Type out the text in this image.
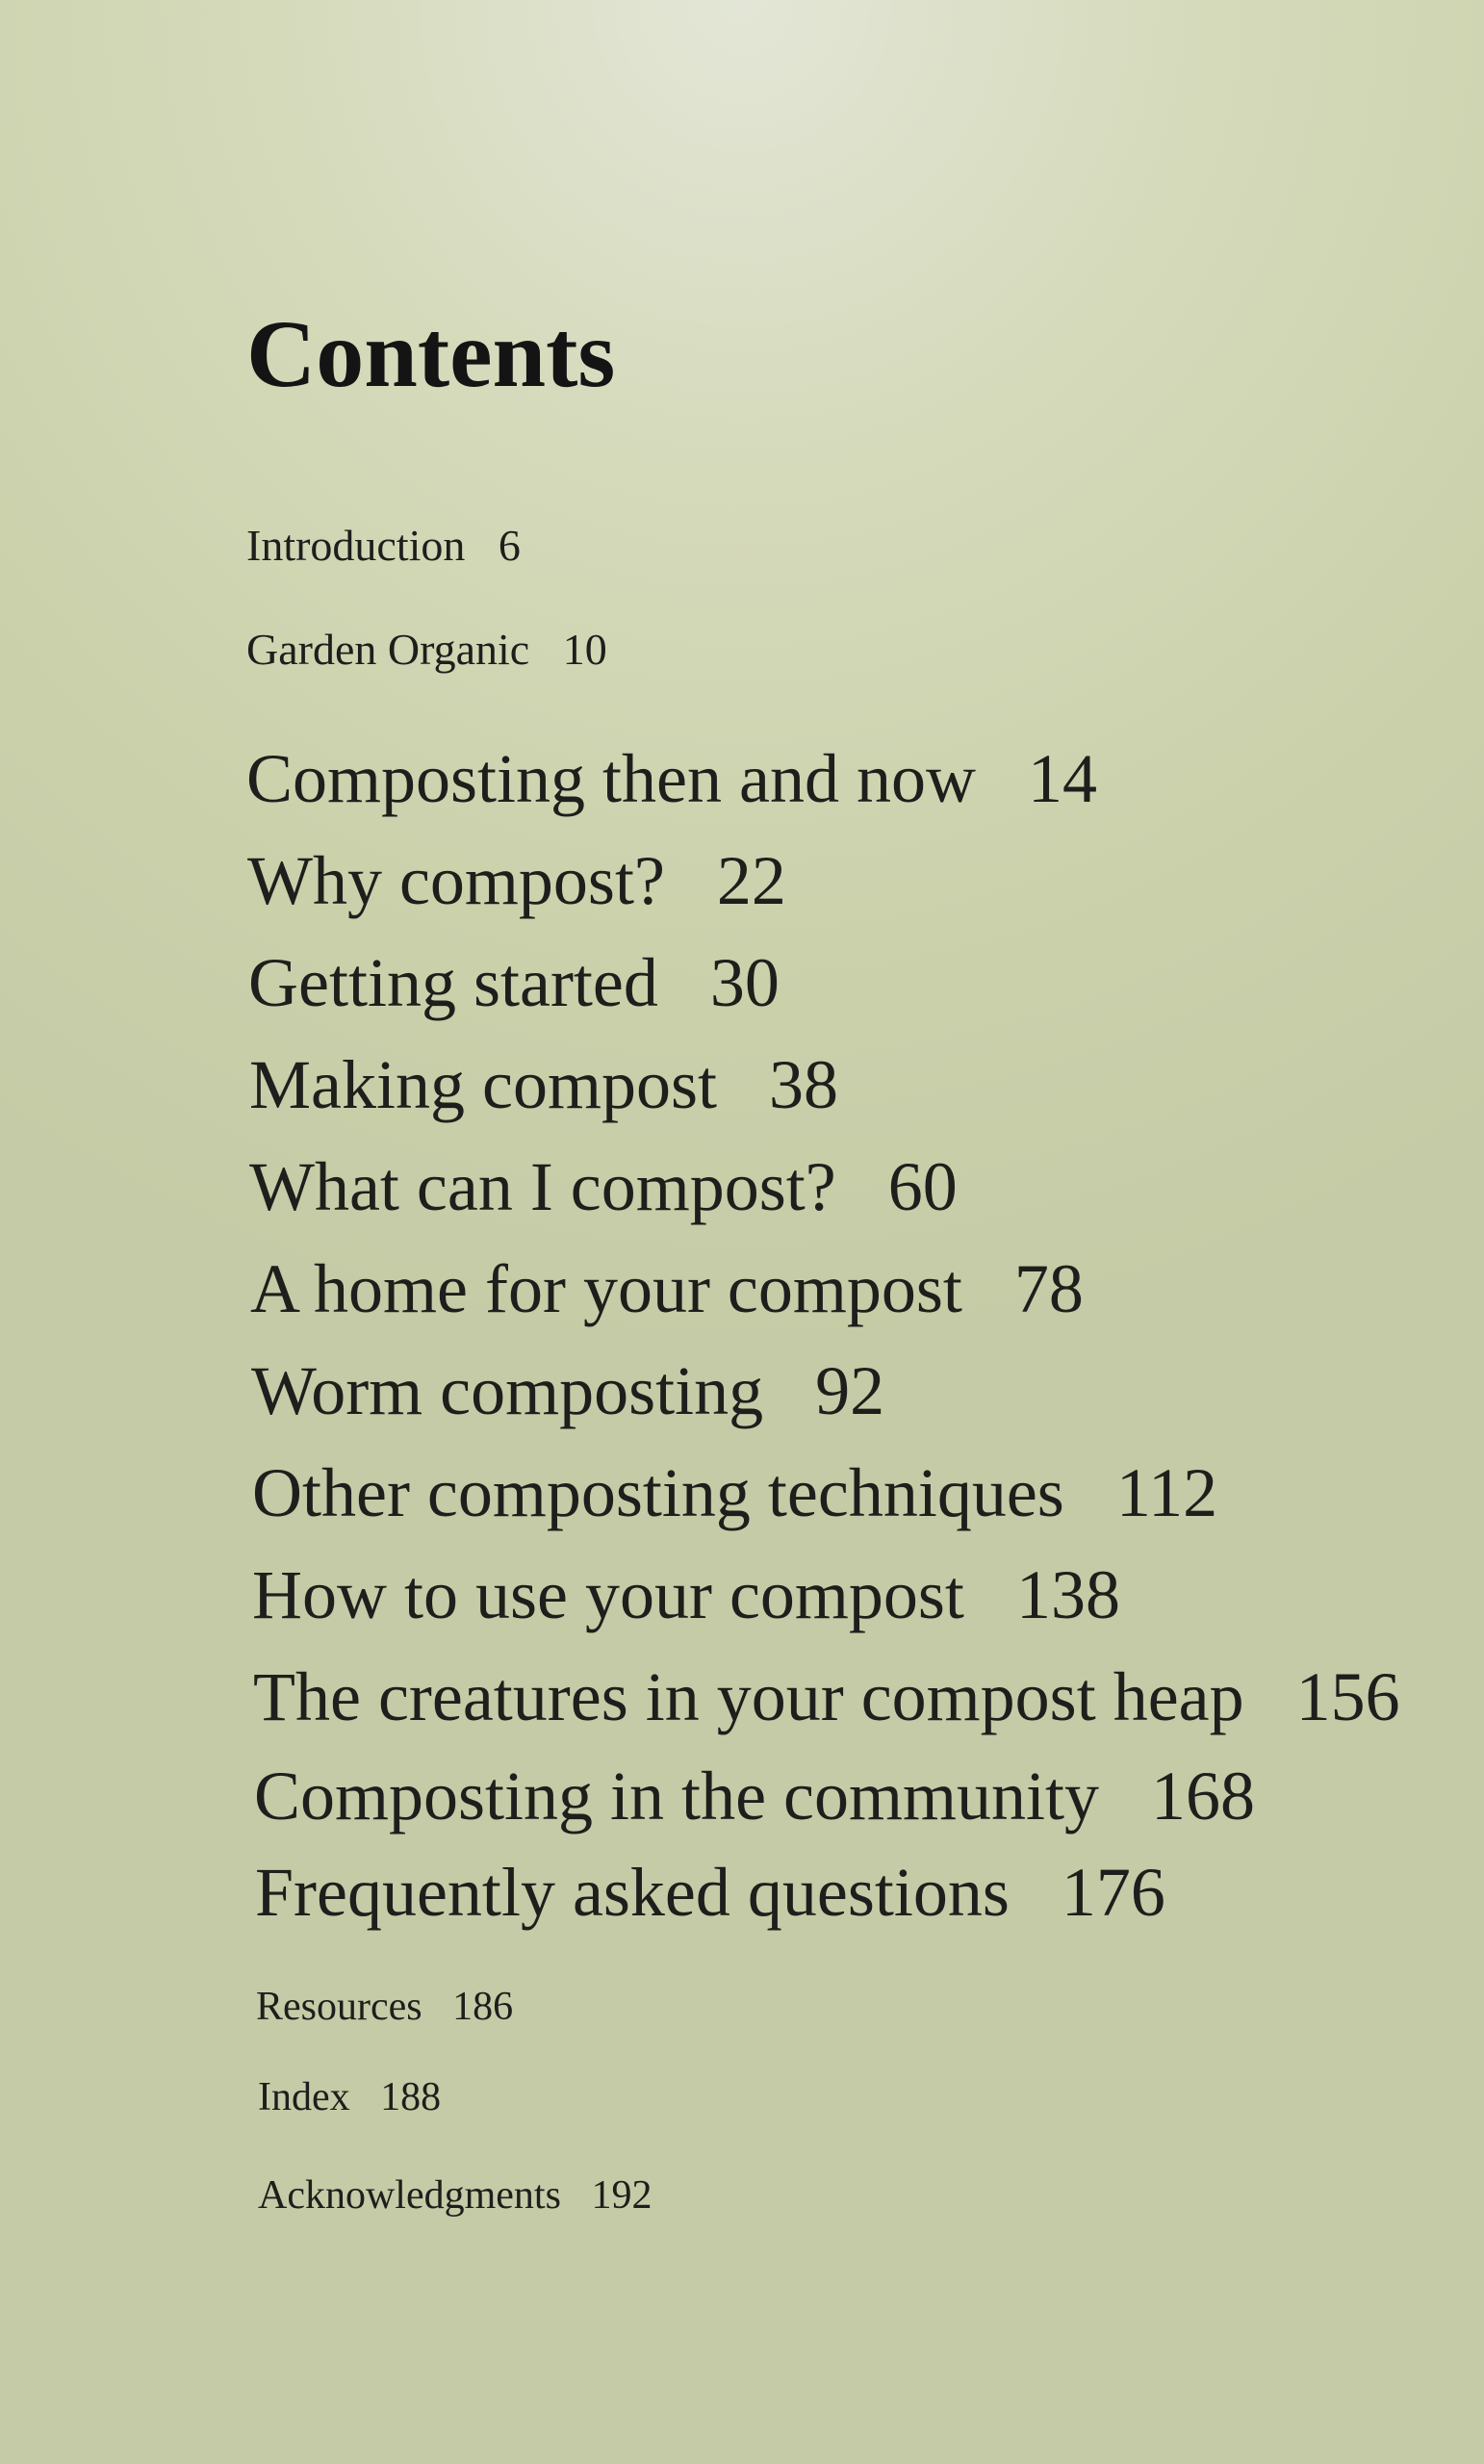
Contents
Introduction 6
Garden Organic 10
Composting then and now 14
Why compost? 22
Getting started 30
Making compost 38
What can I compost? 60
A home for your compost 78
Worm composting 92
Other composting techniques 112
How to use your compost 138
The creatures in your compost heap 156
Composting in the community 168
Frequently asked questions 176
Resources 186
Index 188
Acknowledgments 192
